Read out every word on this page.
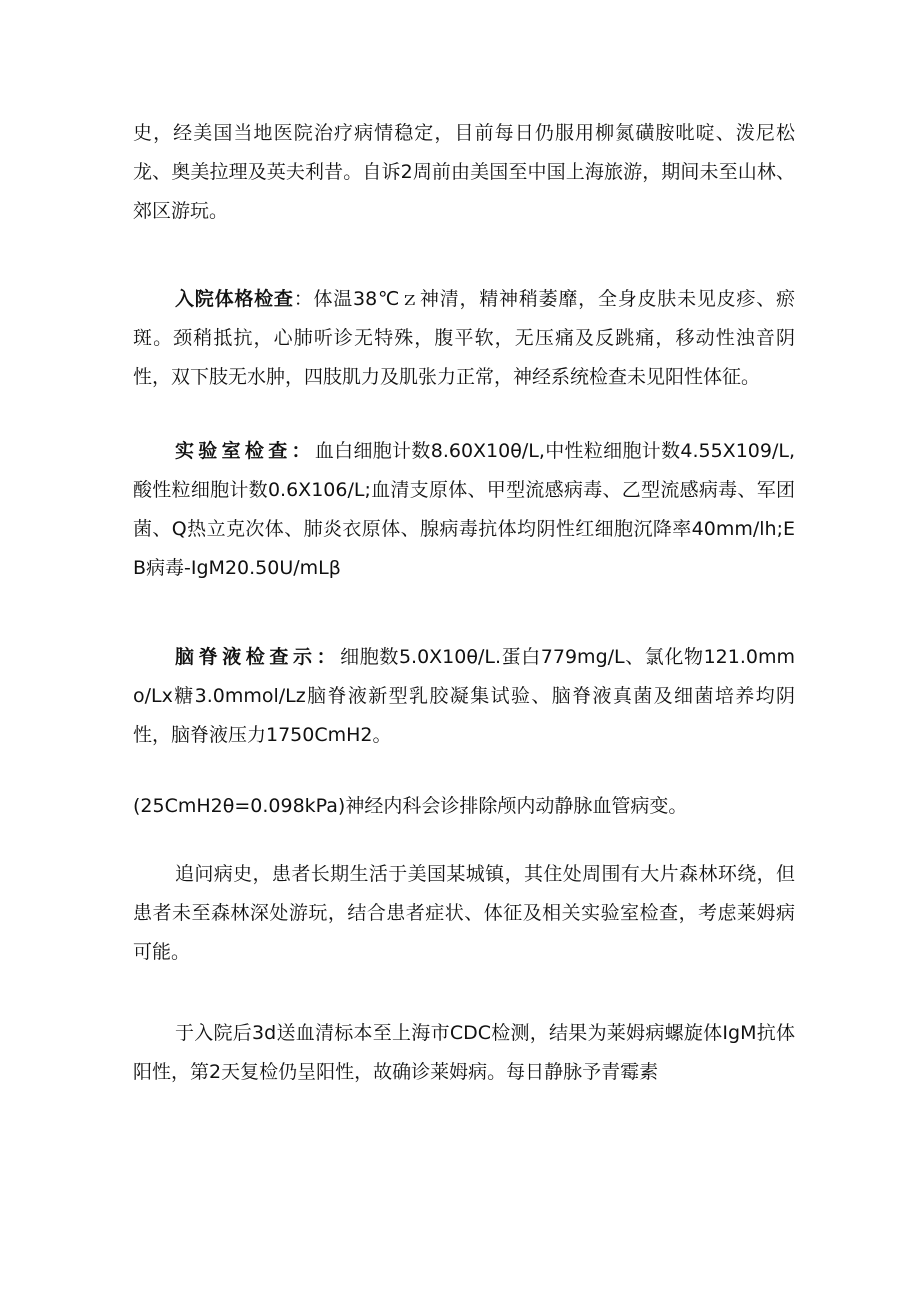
史，经美国当地医院治疗病情稳定，目前每日仍服用柳氮磺胺吡啶、泼尼松龙、奥美拉理及英夫利昔。自诉2周前由美国至中国上海旅游，期间未至山林、郊区游玩。

入院体格检查：体温38℃ｚ神清，精神稍萎靡，全身皮肤未见皮疹、瘀斑。颈稍抵抗，心肺听诊无特殊，腹平软，无压痛及反跳痛，移动性浊音阴性，双下肢无水肿，四肢肌力及肌张力正常，神经系统检查未见阳性体征。

实验室检查：血白细胞计数8.60X10θ∕L,中性粒细胞计数4.55X109/L,酸性粒细胞计数0.6X106/L;血清支原体、甲型流感病毒、乙型流感病毒、军团菌、Q热立克次体、肺炎衣原体、腺病毒抗体均阴性红细胞沉降率40mm/lh;EB病毒-IgM20.50U∕mLβ

脑脊液检查示：细胞数5.0X10θ∕L.蛋白779mg/L、氯化物121.0mmo∕Lx糖3.0mmol/Lz脑脊液新型乳胶凝集试验、脑脊液真菌及细菌培养均阴性，脑脊液压力1750CmH2。

(25CmH2θ=0.098kPa)神经内科会诊排除颅内动静脉血管病变。

追问病史，患者长期生活于美国某城镇，其住处周围有大片森林环绕，但患者未至森林深处游玩，结合患者症状、体征及相关实验室检查，考虑莱姆病可能。

于入院后3d送血清标本至上海市CDC检测，结果为莱姆病螺旋体IgM抗体阳性，第2天复检仍呈阳性，故确诊莱姆病。每日静脉予青霉素
